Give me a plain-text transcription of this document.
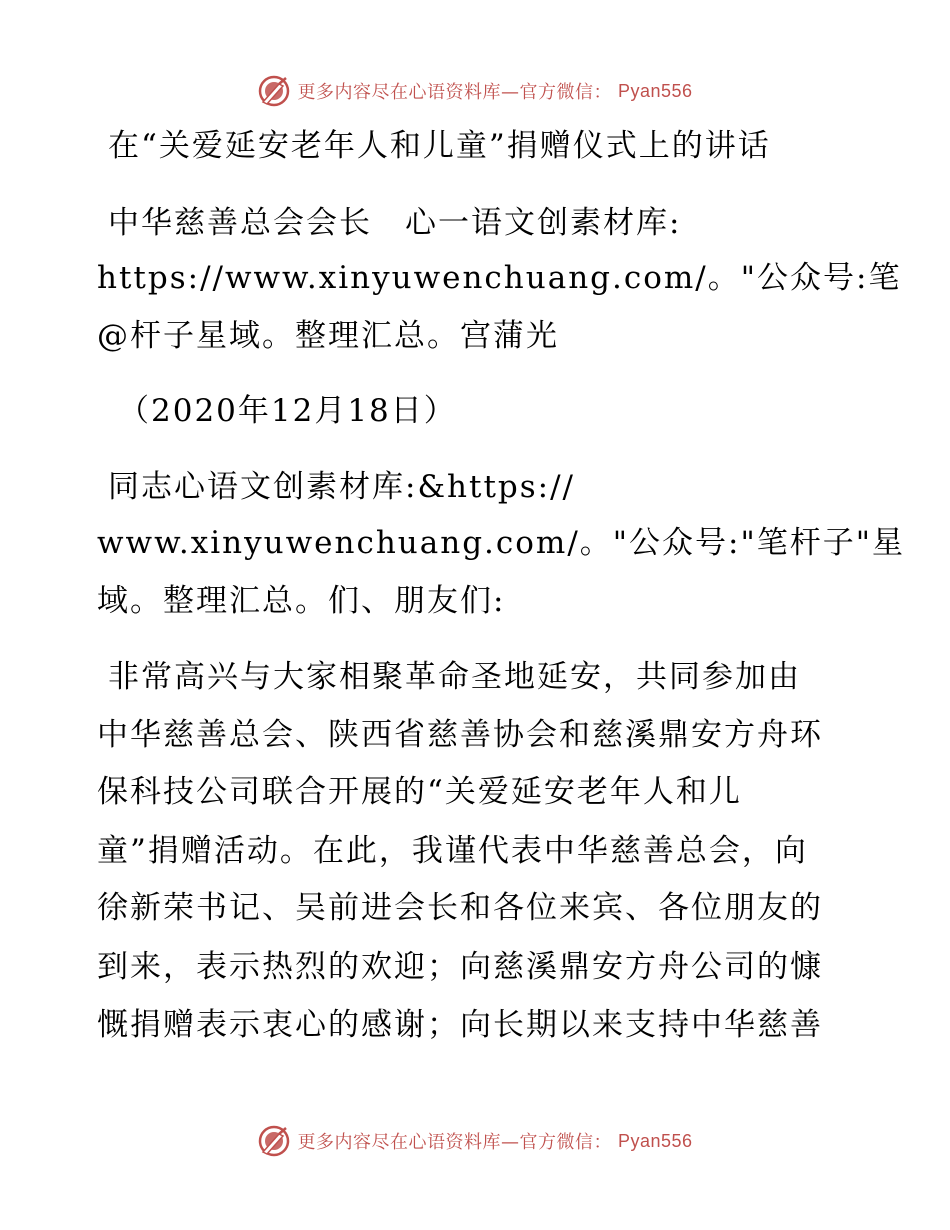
更多内容尽在心语资料库—官方微信： Pyan556
在“关爱延安老年人和儿童”捐赠仪式上的讲话
中华慈善总会会长　心一语文创素材库:
https://www.xinyuwenchuang.com/。"公众号:笔
@杆子星域。整理汇总。宫蒲光
（2020年12月18日）
同志心语文创素材库:&https://
www.xinyuwenchuang.com/。"公众号:"笔杆子"星
域。整理汇总。们、朋友们:
非常高兴与大家相聚革命圣地延安，共同参加由
中华慈善总会、陕西省慈善协会和慈溪鼎安方舟环
保科技公司联合开展的“关爱延安老年人和儿
童”捐赠活动。在此，我谨代表中华慈善总会，向
徐新荣书记、吴前进会长和各位来宾、各位朋友的
到来，表示热烈的欢迎；向慈溪鼎安方舟公司的慷
慨捐赠表示衷心的感谢；向长期以来支持中华慈善
更多内容尽在心语资料库—官方微信： Pyan556
